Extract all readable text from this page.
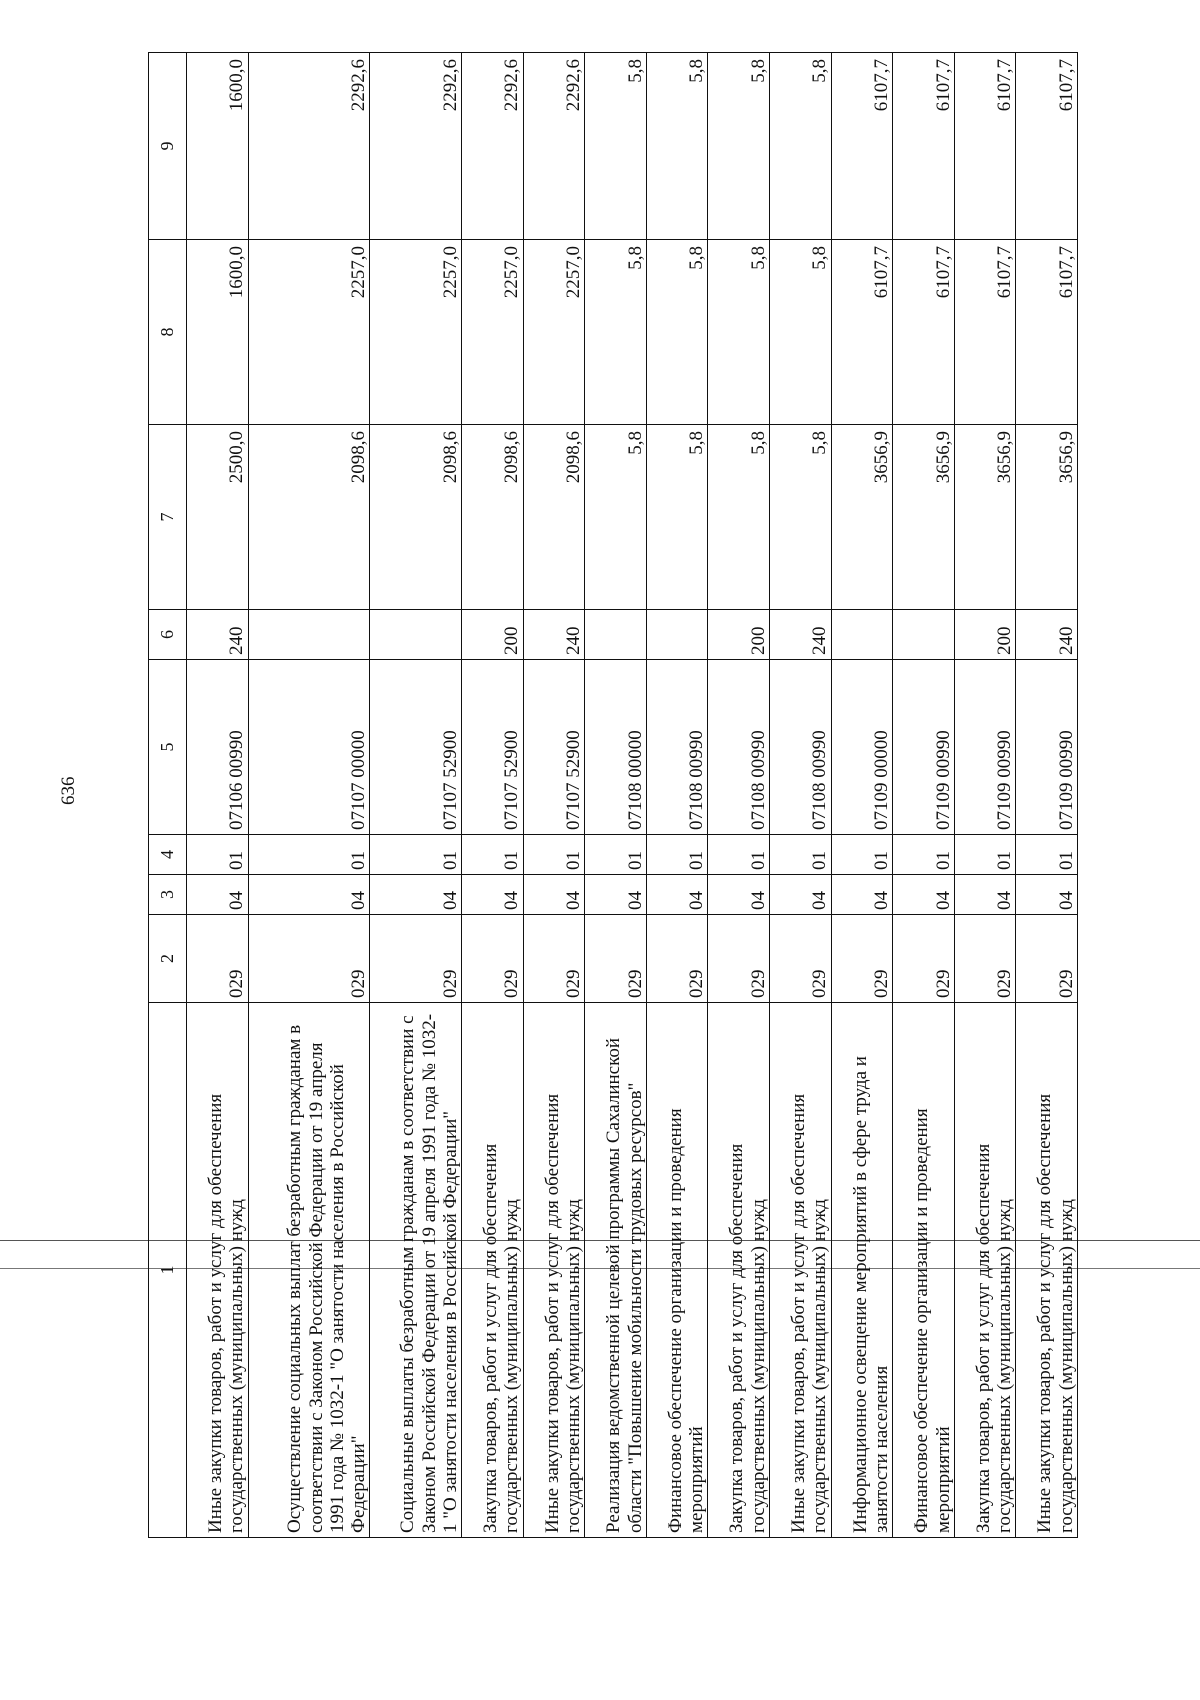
636
1	2	3	4	5	6	7	8	9
Иные закупки товаров, работ и услуг для обеспечения государственных (муниципальных) нужд	029	04	01	07106 00990	240	2500,0	1600,0	1600,0
Осуществление социальных выплат безработным гражданам в соответствии с Законом Российской Федерации от 19 апреля 1991 года № 1032-1 "О занятости населения в Российской Федерации"	029	04	01	07107 00000		2098,6	2257,0	2292,6
Социальные выплаты безработным гражданам в соответствии с Законом Российской Федерации от 19 апреля 1991 года № 1032-1 "О занятости населения в Российской Федерации"	029	04	01	07107 52900		2098,6	2257,0	2292,6
Закупка товаров, работ и услуг для обеспечения государственных (муниципальных) нужд	029	04	01	07107 52900	200	2098,6	2257,0	2292,6
Иные закупки товаров, работ и услуг для обеспечения государственных (муниципальных) нужд	029	04	01	07107 52900	240	2098,6	2257,0	2292,6
Реализация ведомственной целевой программы Сахалинской области "Повышение мобильности трудовых ресурсов"	029	04	01	07108 00000		5,8	5,8	5,8
Финансовое обеспечение организации и проведения мероприятий	029	04	01	07108 00990		5,8	5,8	5,8
Закупка товаров, работ и услуг для обеспечения государственных (муниципальных) нужд	029	04	01	07108 00990	200	5,8	5,8	5,8
Иные закупки товаров, работ и услуг для обеспечения государственных (муниципальных) нужд	029	04	01	07108 00990	240	5,8	5,8	5,8
Информационное освещение мероприятий в сфере труда и занятости населения	029	04	01	07109 00000		3656,9	6107,7	6107,7
Финансовое обеспечение организации и проведения мероприятий	029	04	01	07109 00990		3656,9	6107,7	6107,7
Закупка товаров, работ и услуг для обеспечения государственных (муниципальных) нужд	029	04	01	07109 00990	200	3656,9	6107,7	6107,7
Иные закупки товаров, работ и услуг для обеспечения государственных (муниципальных) нужд	029	04	01	07109 00990	240	3656,9	6107,7	6107,7
